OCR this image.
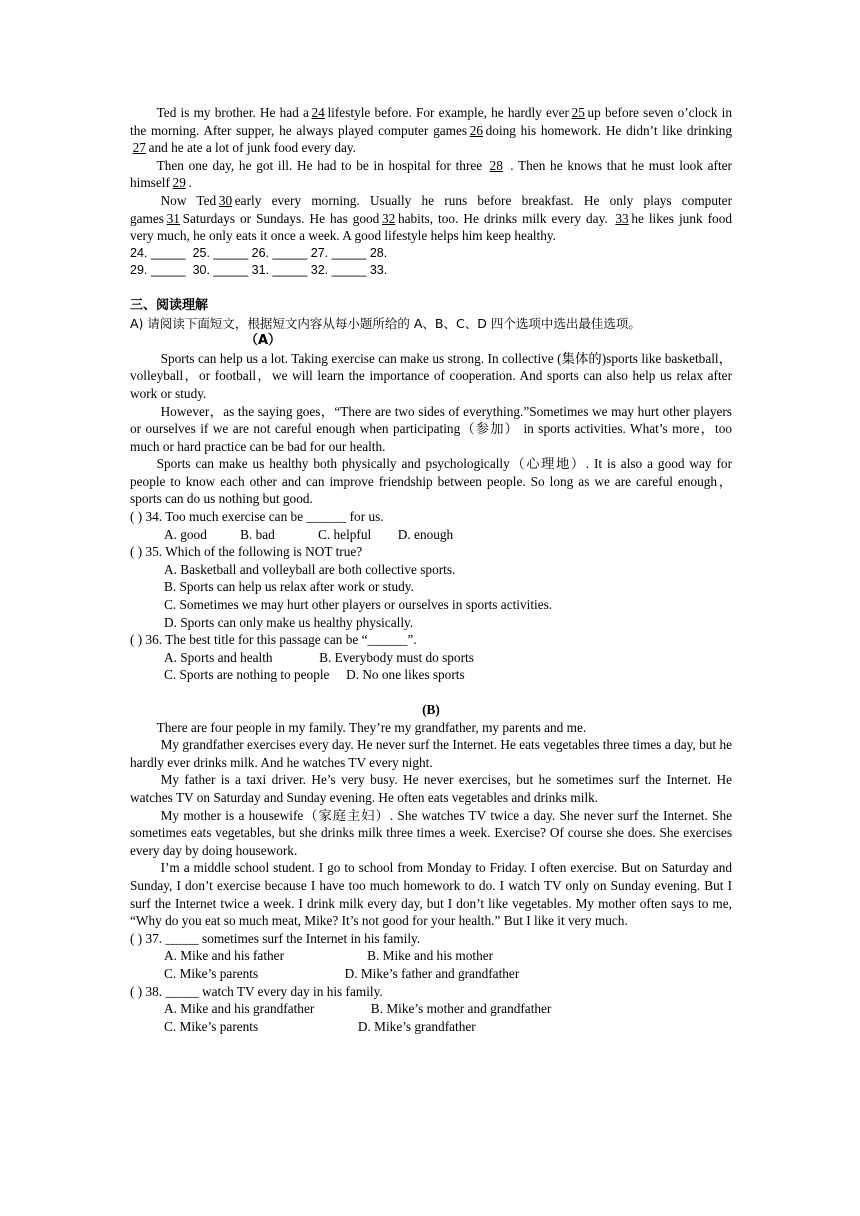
Ted is my brother. He had a 24 lifestyle before. For example, he hardly ever 25 up before seven o’clock in the morning. After supper, he always played computer games 26 doing his homework. He didn’t like drinking 27 and he ate a lot of junk food every day.

Then one day, he got ill. He had to be in hospital for three 28 . Then he knows that he must look after himself 29 .

Now Ted 30 early every morning. Usually he runs before breakfast. He only plays computer games 31 Saturdays or Sundays. He has good 32 habits, too. He drinks milk every day. 33 he likes junk food very much, he only eats it once a week. A good lifestyle helps him keep healthy.

24. _____ 25. _____ 26. _____ 27. _____ 28.

29. _____ 30. _____ 31. _____ 32. _____ 33.

三、阅读理解

A) 请阅读下面短文，根据短文内容从每小题所给的 A、B、C、D 四个选项中选出最佳选项。

（A）

Sports can help us a lot. Taking exercise can make us strong. In collective (集体的)sports like basketball，volleyball，or football，we will learn the importance of cooperation. And sports can also help us relax after work or study.

However，as the saying goes，“There are two sides of everything.”Sometimes we may hurt other players or ourselves if we are not careful enough when participating（参加） in sports activities. What’s more，too much or hard practice can be bad for our health.

Sports can make us healthy both physically and psychologically（心理地）. It is also a good way for people to know each other and can improve friendship between people. So long as we are careful enough，sports can do us nothing but good.

( ) 34. Too much exercise can be ______ for us.

A. good          B. bad             C. helpful        D. enough

( ) 35. Which of the following is NOT true?

A. Basketball and volleyball are both collective sports.

B. Sports can help us relax after work or study.

C. Sometimes we may hurt other players or ourselves in sports activities.

D. Sports can only make us healthy physically.

( ) 36. The best title for this passage can be “______”.

A. Sports and health              B. Everybody must do sports

C. Sports are nothing to people     D. No one likes sports

(B)

There are four people in my family. They’re my grandfather, my parents and me.

My grandfather exercises every day. He never surf the Internet. He eats vegetables three times a day, but he hardly ever drinks milk. And he watches TV every night.

My father is a taxi driver. He’s very busy. He never exercises, but he sometimes surf the Internet. He watches TV on Saturday and Sunday evening. He often eats vegetables and drinks milk.

My mother is a housewife（家庭主妇）. She watches TV twice a day. She never surf the Internet. She sometimes eats vegetables, but she drinks milk three times a week. Exercise? Of course she does. She exercises every day by doing housework.

I’m a middle school student. I go to school from Monday to Friday. I often exercise. But on Saturday and Sunday, I don’t exercise because I have too much homework to do. I watch TV only on Sunday evening. But I surf the Internet twice a week. I drink milk every day, but I don’t like vegetables. My mother often says to me, “Why do you eat so much meat, Mike? It’s not good for your health.” But I like it very much.

( ) 37. _____ sometimes surf the Internet in his family.

A. Mike and his father                         B. Mike and his mother

C. Mike’s parents                          D. Mike’s father and grandfather

( ) 38. _____ watch TV every day in his family.

A. Mike and his grandfather                 B. Mike’s mother and grandfather

C. Mike’s parents                              D. Mike’s grandfather
